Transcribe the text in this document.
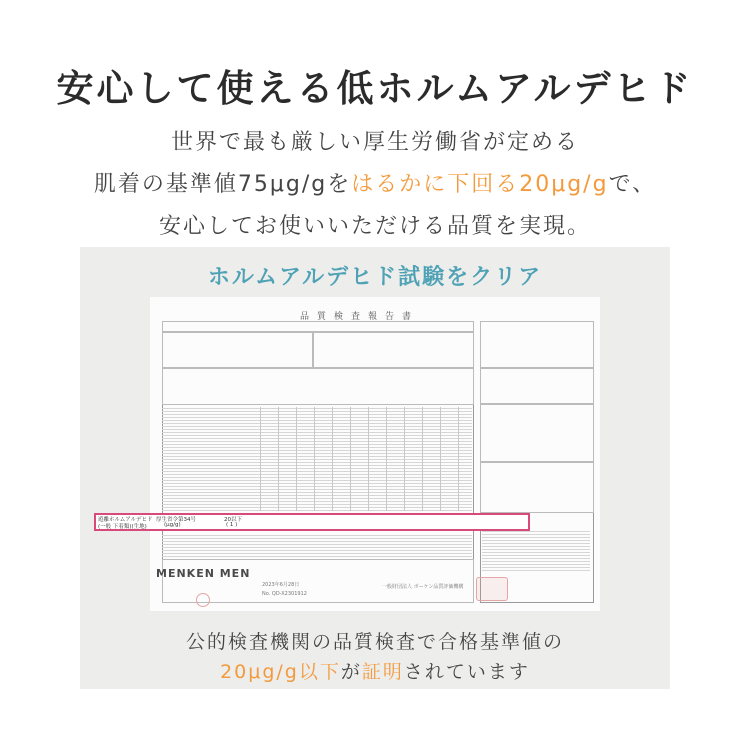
安心して使える低ホルムアルデヒド
世界で最も厳しい厚生労働省が定める
肌着の基準値75μg/gをはるかに下回る20μg/gで、
安心してお使いいただける品質を実現。
ホルムアルデヒド試験をクリア
品質検査報告書
遊離ホルムアルデヒド
(一般 下着類)(生地)
厚生省令第34号
(μg/g)
20以下
( 1 )
MENKEN MEN
2023年6月28日
No. QD-X2301912
一般財団法人 ボーケン品質評価機構
公的検査機関の品質検査で合格基準値の
20μg/g以下が証明されています
